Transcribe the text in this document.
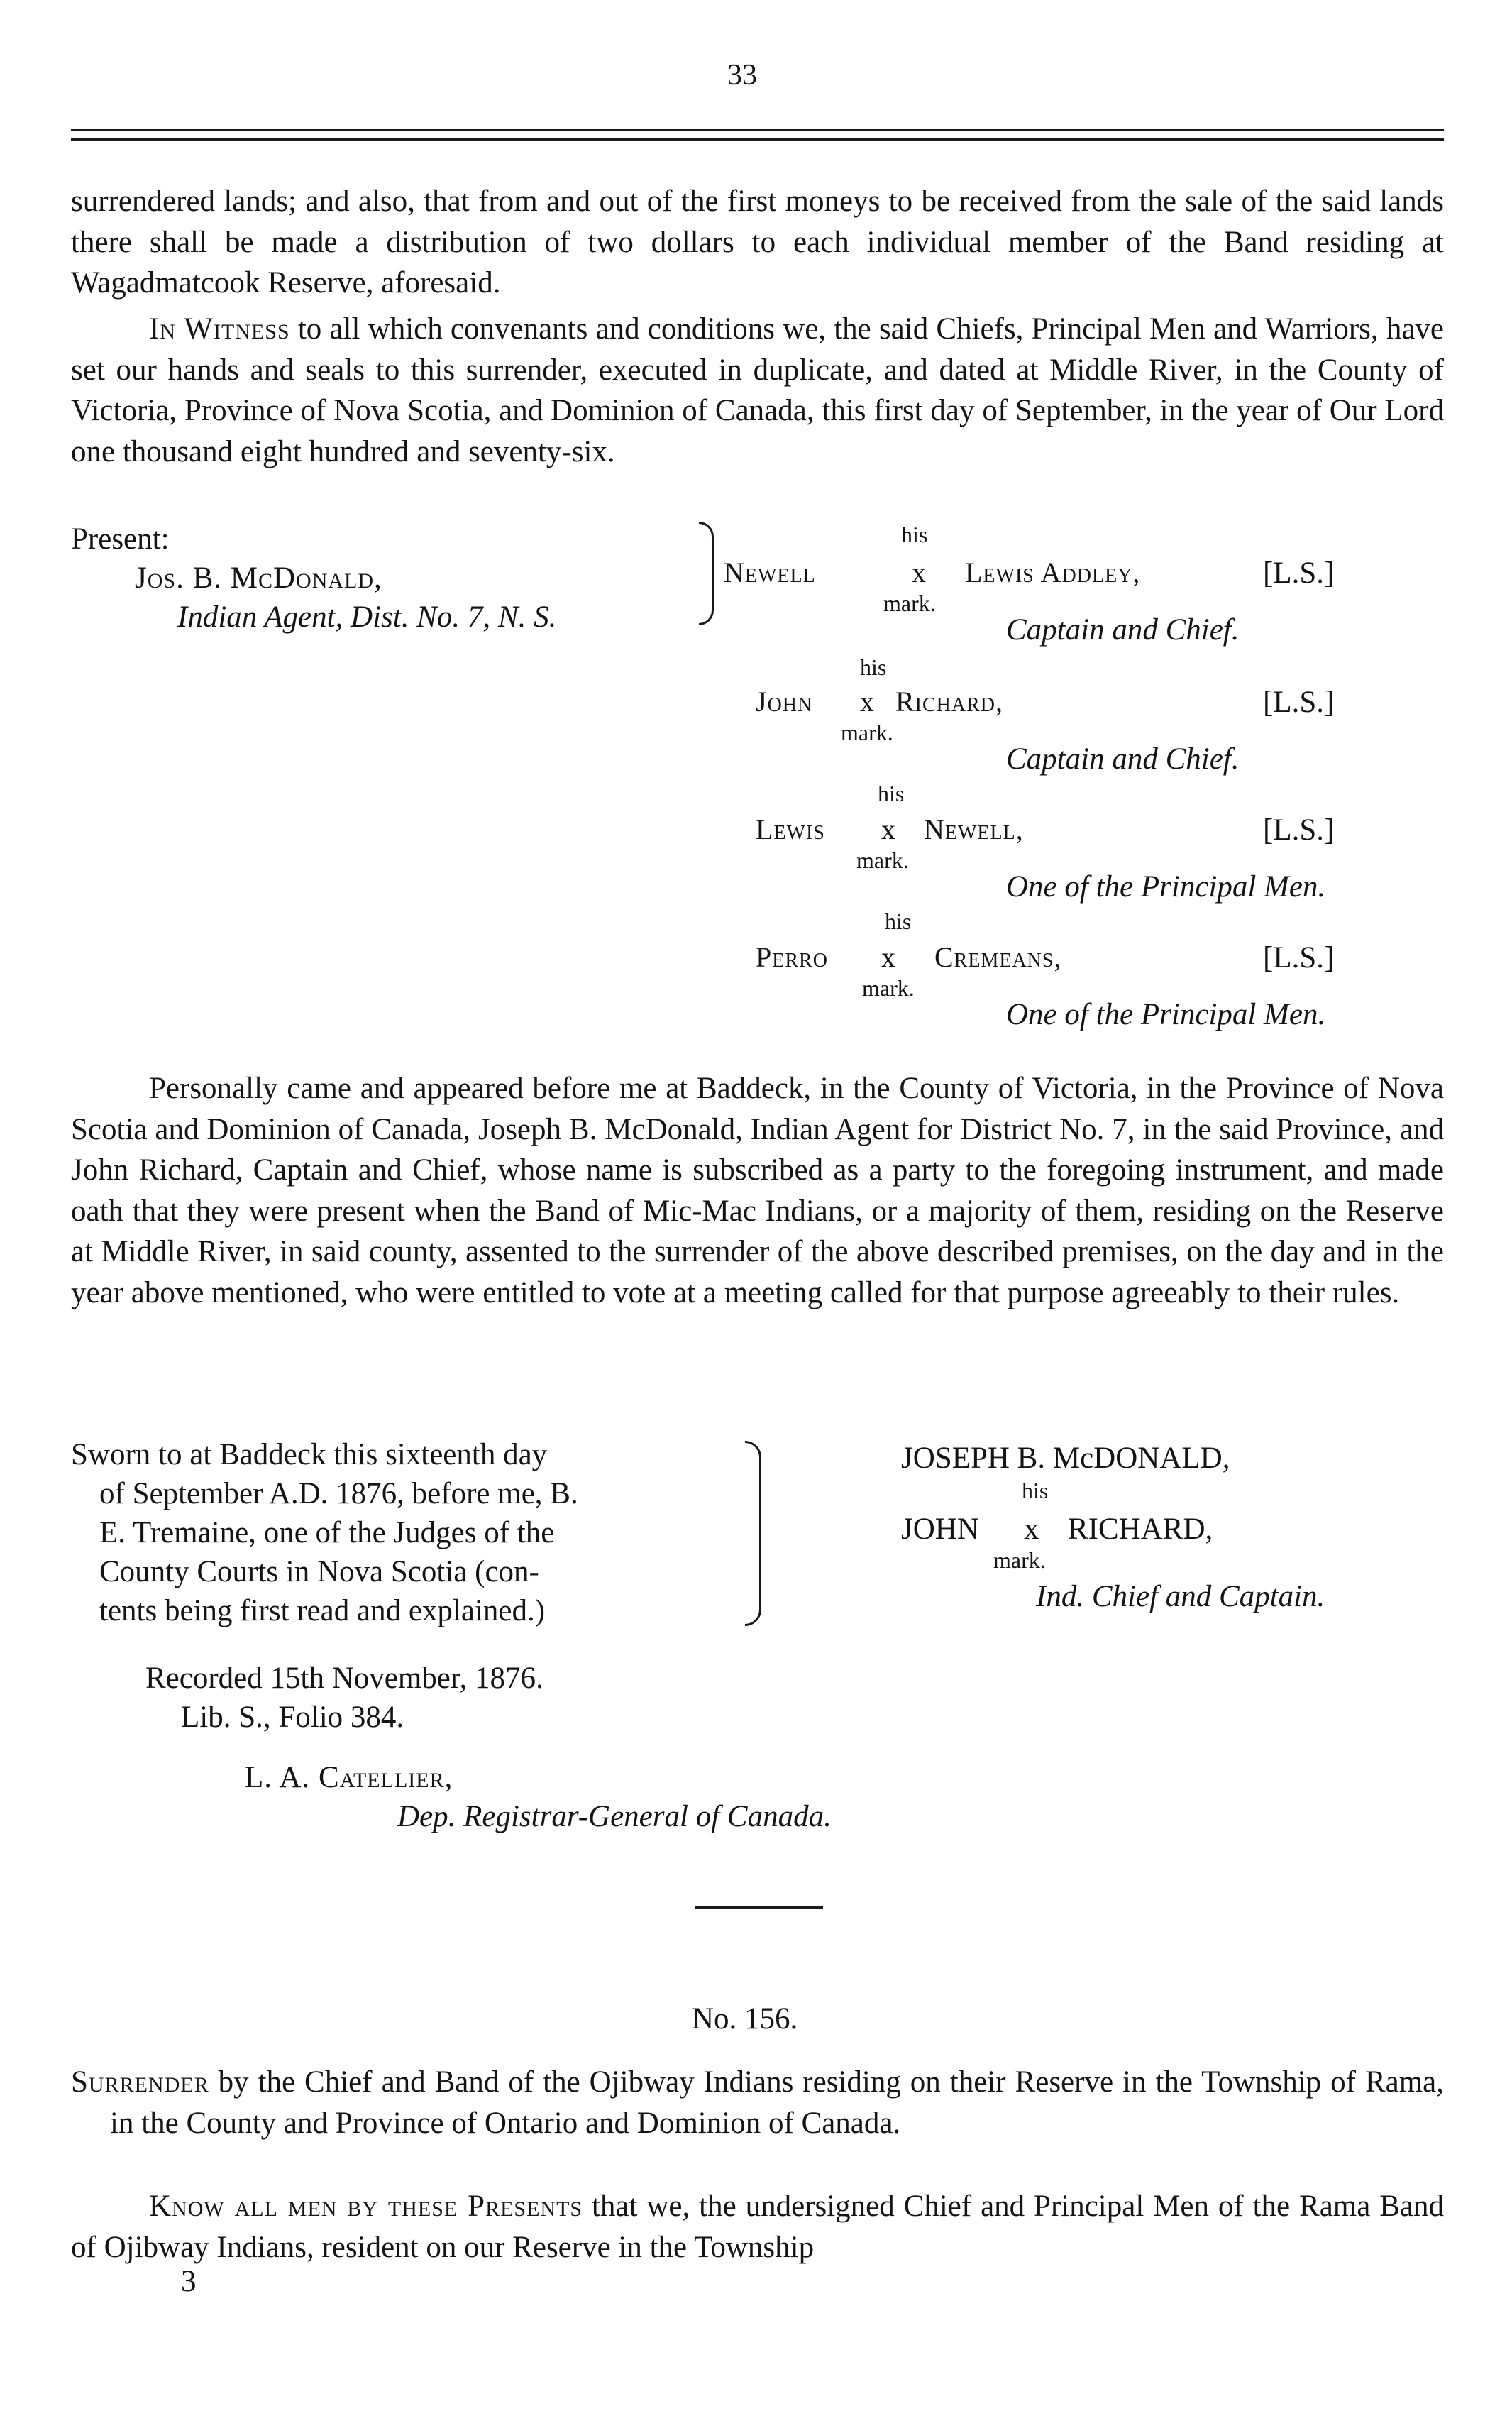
33
surrendered lands; and also, that from and out of the first moneys to be received from the sale of the said lands there shall be made a distribution of two dollars to each individual member of the Band residing at Wagadmatcook Reserve, aforesaid.
In Witness to all which convenants and conditions we, the said Chiefs, Principal Men and Warriors, have set our hands and seals to this surrender, executed in duplicate, and dated at Middle River, in the County of Victoria, Province of Nova Scotia, and Dominion of Canada, this first day of September, in the year of Our Lord one thousand eight hundred and seventy-six.
Present:
Jos. B. McDonald,
Indian Agent, Dist. No. 7, N. S.
his
Newell	x Lewis Addley,	[L.S.]
mark.
Captain and Chief.
his
John x Richard,	[L.S.]
mark.
Captain and Chief.
his
Lewis x Newell,	[L.S.]
mark.
One of the Principal Men.
his
Perro x Cremeans,	[L.S.]
mark.
One of the Principal Men.
Personally came and appeared before me at Baddeck, in the County of Victoria, in the Province of Nova Scotia and Dominion of Canada, Joseph B. McDonald, Indian Agent for District No. 7, in the said Province, and John Richard, Captain and Chief, whose name is subscribed as a party to the foregoing instrument, and made oath that they were present when the Band of Mic-Mac Indians, or a majority of them, residing on the Reserve at Middle River, in said county, assented to the surrender of the above described premises, on the day and in the year above mentioned, who were entitled to vote at a meeting called for that purpose agreeably to their rules.
Sworn to at Baddeck this sixteenth day
of September A.D. 1876, before me, B.
E. Tremaine, one of the Judges of the
County Courts in Nova Scotia (con-
tents being first read and explained.)
JOSEPH B. McDONALD,
his
JOHN x RICHARD,
mark.
Ind. Chief and Captain.
Recorded 15th November, 1876.
Lib. S., Folio 384.
L. A. Catellier,
Dep. Registrar-General of Canada.
No. 156.
Surrender by the Chief and Band of the Ojibway Indians residing on their Reserve in the Township of Rama, in the County and Province of Ontario and Dominion of Canada.
Know all men by these Presents that we, the undersigned Chief and Principal Men of the Rama Band of Ojibway Indians, resident on our Reserve in the Township
3
